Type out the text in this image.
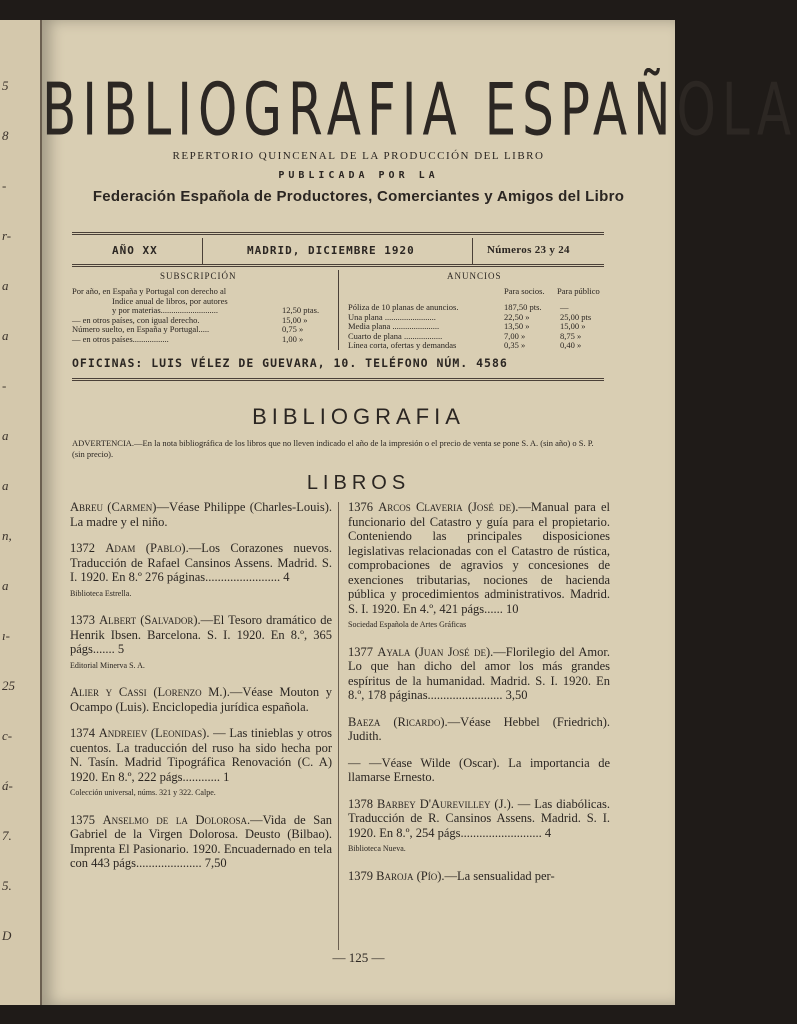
5
8
-
r-
a
a
-
a
a
n,
a
ı-
25
c-
á-
7.
5.
D
BIBLIOGRAFIA ESPAÑOLA
REPERTORIO QUINCENAL DE LA PRODUCCIÓN DEL LIBRO
PUBLICADA POR LA
Federación Española de Productores, Comerciantes y Amigos del Libro
AÑO XX	MADRID, DICIEMBRE 1920	Números 23 y 24
SUBSCRIPCIÓN	ANUNCIOS
Para socios. Para público
OFICINAS: LUIS VÉLEZ DE GUEVARA, 10. TELÉFONO NÚM. 4586
BIBLIOGRAFIA
ADVERTENCIA.—En la nota bibliográfica de los libros que no lleven indicado el año de la impresión o el precio de venta se pone S. A. (sin año) o S. P. (sin precio).
LIBROS
Abreu (Carmen)—Véase Philippe (Charles-Louis). La madre y el niño.
1372 Adam (Pablo).—Los Corazones nuevos. Traducción de Rafael Cansinos Assens. Madrid. S. I. 1920. En 8.º 276 páginas........................ 4
Biblioteca Estrella.
1373 Albert (Salvador).—El Tesoro dramático de Henrik Ibsen. Barcelona. S. I. 1920. En 8.º, 365 págs....... 5
Editorial Minerva S. A.
Alier y Cassi (Lorenzo M.).—Véase Mouton y Ocampo (Luis). Enciclopedia jurídica española.
1374 Andreiev (Leonidas). — Las tinieblas y otros cuentos. La traducción del ruso ha sido hecha por N. Tasín. Madrid Tipográfica Renovación (C. A) 1920. En 8.º, 222 págs............ 1
Colección universal, núms. 321 y 322. Calpe.
1375 Anselmo de la Dolorosa.—Vida de San Gabriel de la Virgen Dolorosa. Deusto (Bilbao). Imprenta El Pasionario. 1920. Encuadernado en tela con 443 págs..................... 7,50
1376 Arcos Claveria (José de).—Manual para el funcionario del Catastro y guía para el propietario. Conteniendo las principales disposiciones legislativas relacionadas con el Catastro de rústica, comprobaciones de agravios y concesiones de exenciones tributarias, nociones de hacienda pública y procedimientos administrativos. Madrid. S. I. 1920. En 4.º, 421 págs...... 10
Sociedad Española de Artes Gráficas
1377 Ayala (Juan José de).—Florilegio del Amor. Lo que han dicho del amor los más grandes espíritus de la humanidad. Madrid. S. I. 1920. En 8.º, 178 páginas........................ 3,50
Baeza (Ricardo).—Véase Hebbel (Friedrich). Judith.
— —Véase Wilde (Oscar). La importancia de llamarse Ernesto.
1378 Barbey D'Aurevilley (J.). — Las diabólicas. Traducción de R. Cansinos Assens. Madrid. S. I. 1920. En 8.º, 254 págs.......................... 4
Biblioteca Nueva.
1379 Baroja (Pío).—La sensualidad per-
— 125 —
Por año, en España y Portugal con derecho al
Indice anual de libros, por autores
y por materias...........................	12,50 ptas.
— en otros países, con igual derecho.	15,00 »
Número suelto, en España y Portugal.....	0,75 »
— en otros países.................	1,00 »
Póliza de 10 planas de anuncios.	187,50 pts. —
Una plana ........................	22,50 »	25,00 pts
Media plana ......................	13,50 »	15,00 »
Cuarto de plana ..................	7,00 »	8,75 »
Línea corta, ofertas y demandas	0,35 »	0,40 »
